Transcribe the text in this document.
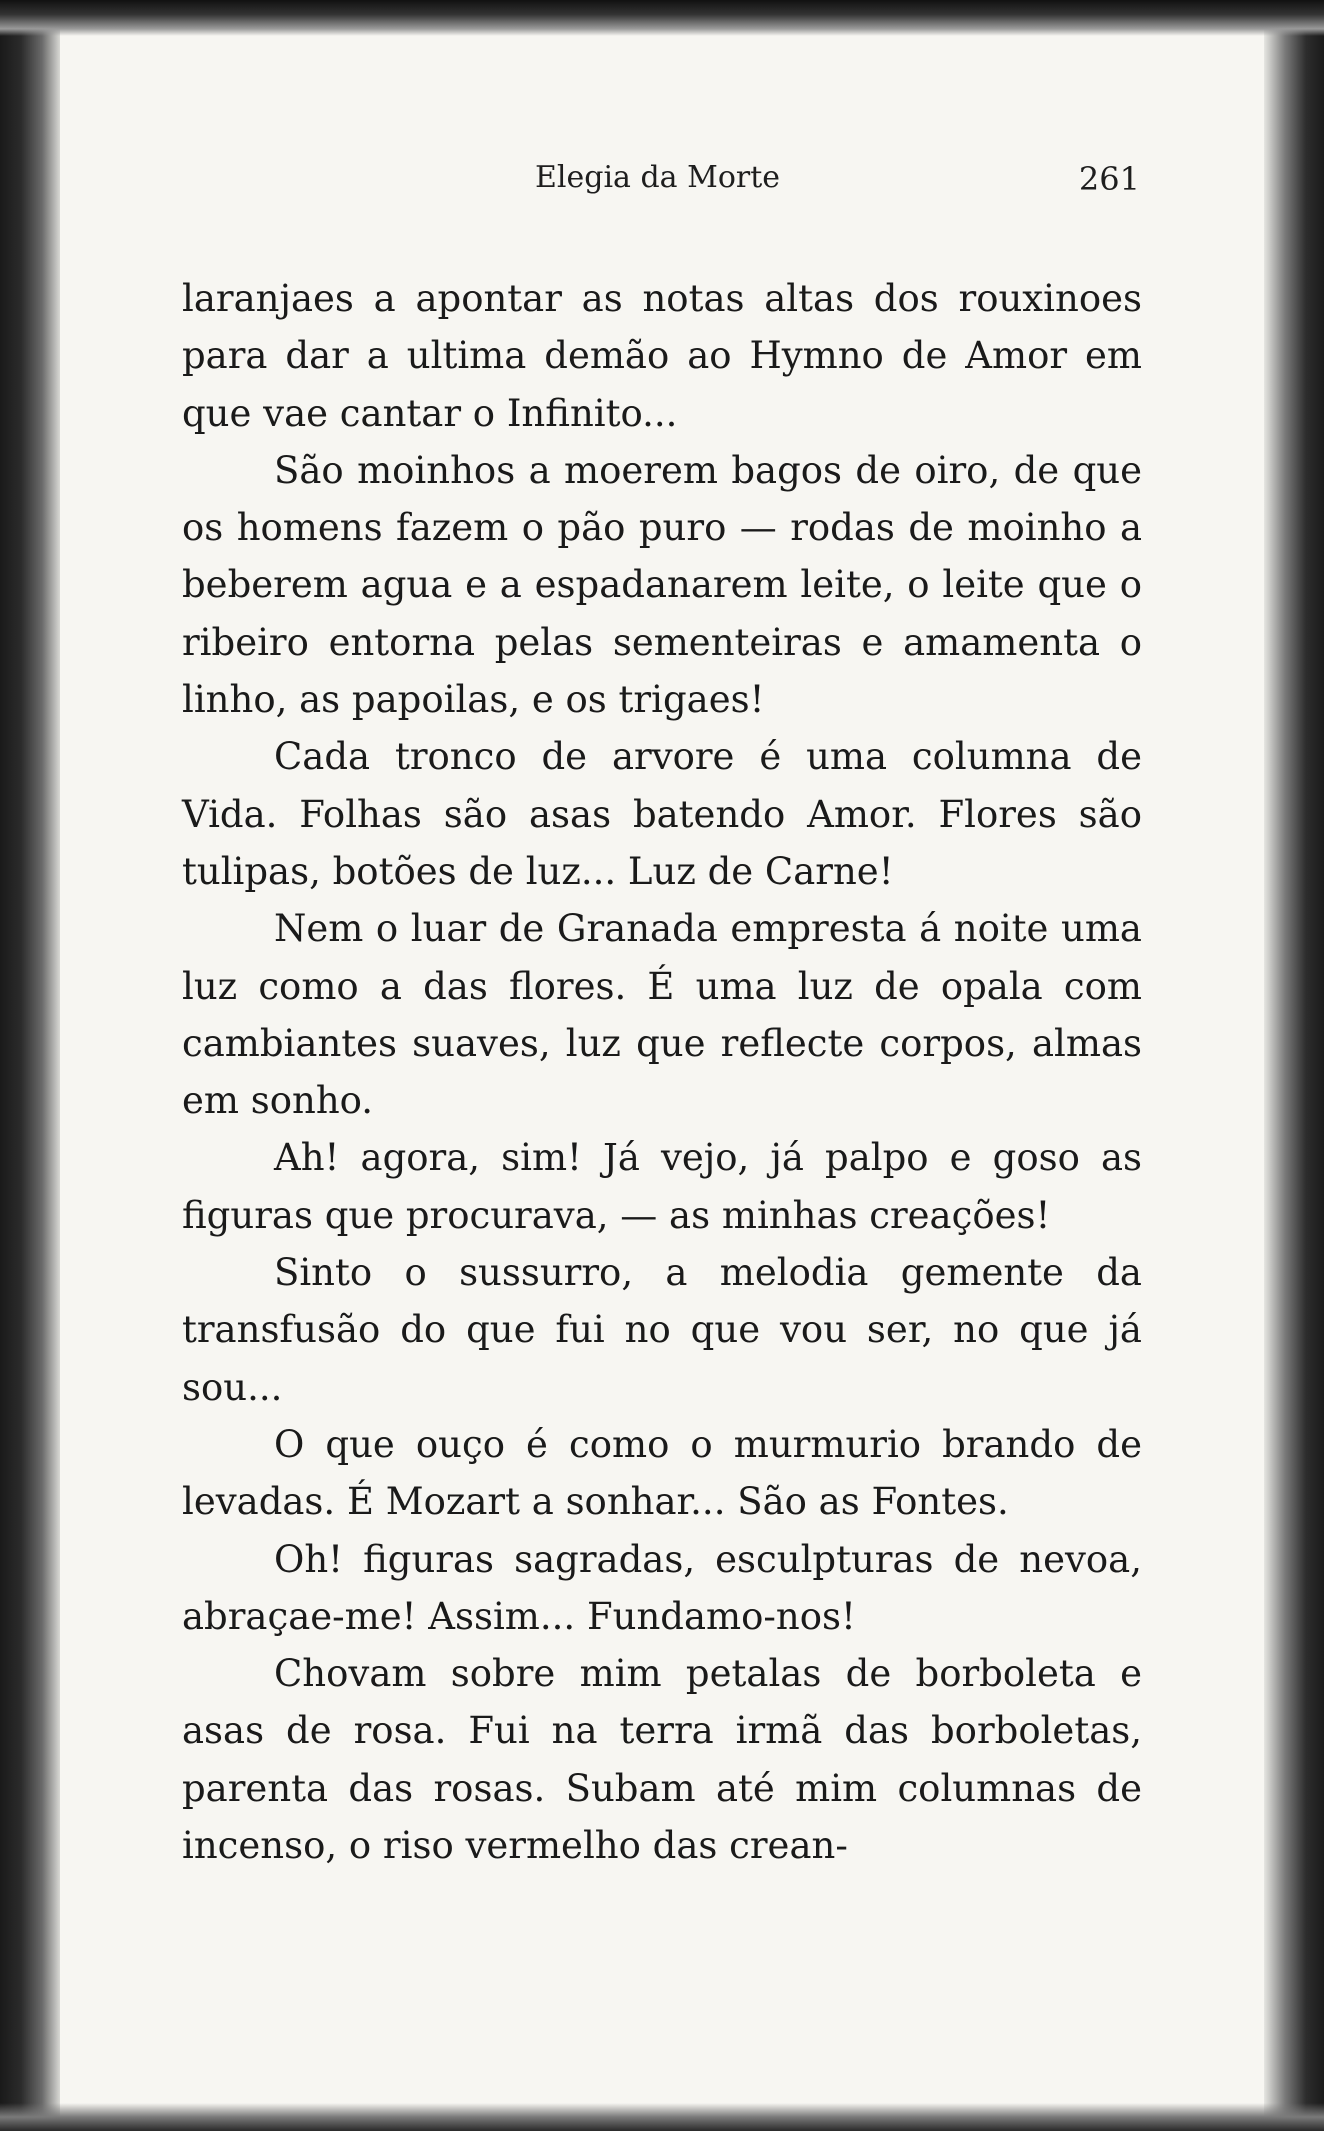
Elegia da Morte	261

laranjaes a apontar as notas altas dos rouxinoes para dar a ultima demão ao Hymno de Amor em que vae cantar o Infinito...

São moinhos a moerem bagos de oiro, de que os homens fazem o pão puro — rodas de moinho a beberem agua e a espadanarem leite, o leite que o ribeiro entorna pelas sementeiras e amamenta o linho, as papoilas, e os trigaes!

Cada tronco de arvore é uma columna de Vida. Folhas são asas batendo Amor. Flores são tulipas, botões de luz... Luz de Carne!

Nem o luar de Granada empresta á noite uma luz como a das flores. É uma luz de opala com cambiantes suaves, luz que reflecte corpos, almas em sonho.

Ah! agora, sim! Já vejo, já palpo e goso as figuras que procurava, — as minhas creações!

Sinto o sussurro, a melodia gemente da transfusão do que fui no que vou ser, no que já sou...

O que ouço é como o murmurio brando de levadas. É Mozart a sonhar... São as Fontes.

Oh! figuras sagradas, esculpturas de nevoa, abraçae-me! Assim... Fundamo-nos!

Chovam sobre mim petalas de borboleta e asas de rosa. Fui na terra irmã das borboletas, parenta das rosas. Subam até mim columnas de incenso, o riso vermelho das crean-
